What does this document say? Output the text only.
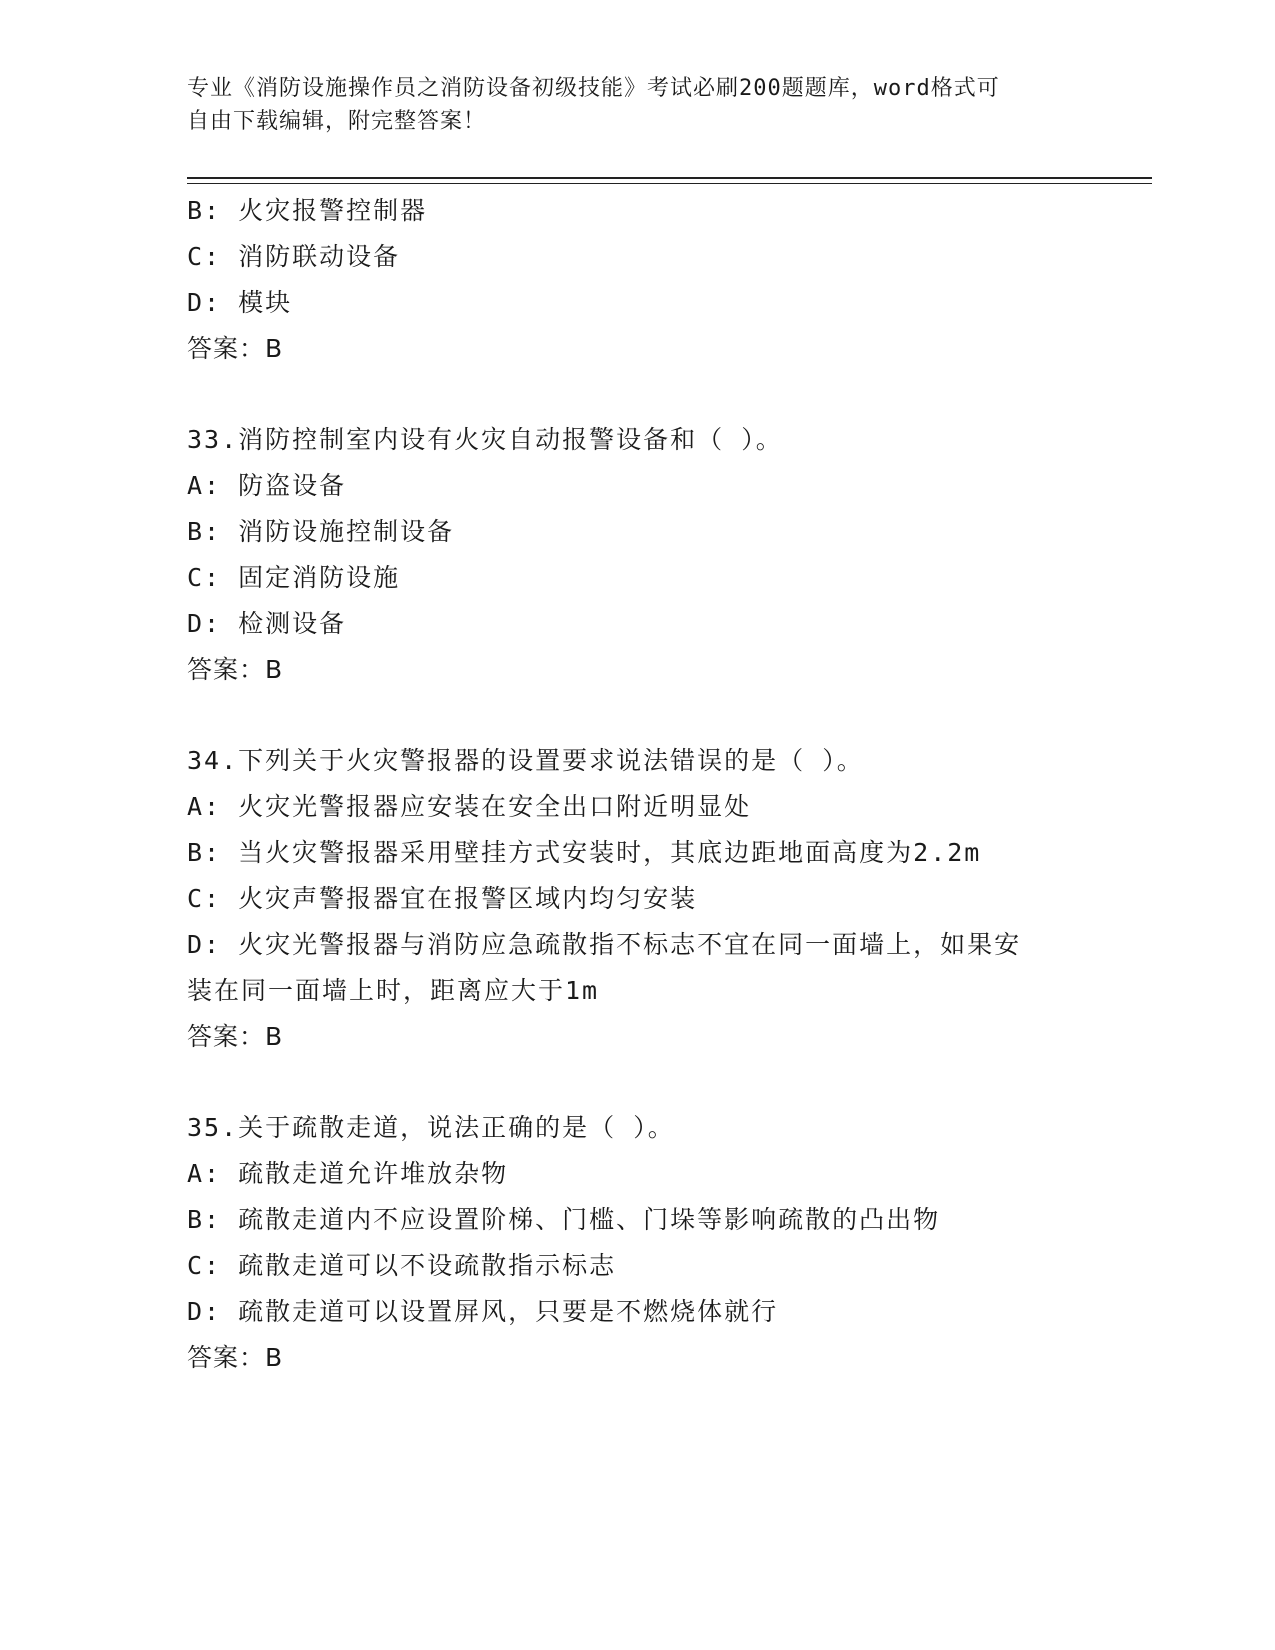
专业《消防设施操作员之消防设备初级技能》考试必刷200题题库，word格式可
自由下载编辑，附完整答案！
B: 火灾报警控制器
C: 消防联动设备
D: 模块
答案：B
33.消防控制室内设有火灾自动报警设备和（ ）。
A: 防盗设备
B: 消防设施控制设备
C: 固定消防设施
D: 检测设备
答案：B
34.下列关于火灾警报器的设置要求说法错误的是（ ）。
A: 火灾光警报器应安装在安全出口附近明显处
B: 当火灾警报器采用壁挂方式安装时，其底边距地面高度为2.2m
C: 火灾声警报器宜在报警区域内均匀安装
D: 火灾光警报器与消防应急疏散指不标志不宜在同一面墙上，如果安
装在同一面墙上时，距离应大于1m
答案：B
35.关于疏散走道，说法正确的是（ ）。
A: 疏散走道允许堆放杂物
B: 疏散走道内不应设置阶梯、门槛、门垛等影响疏散的凸出物
C: 疏散走道可以不设疏散指示标志
D: 疏散走道可以设置屏风，只要是不燃烧体就行
答案：B
